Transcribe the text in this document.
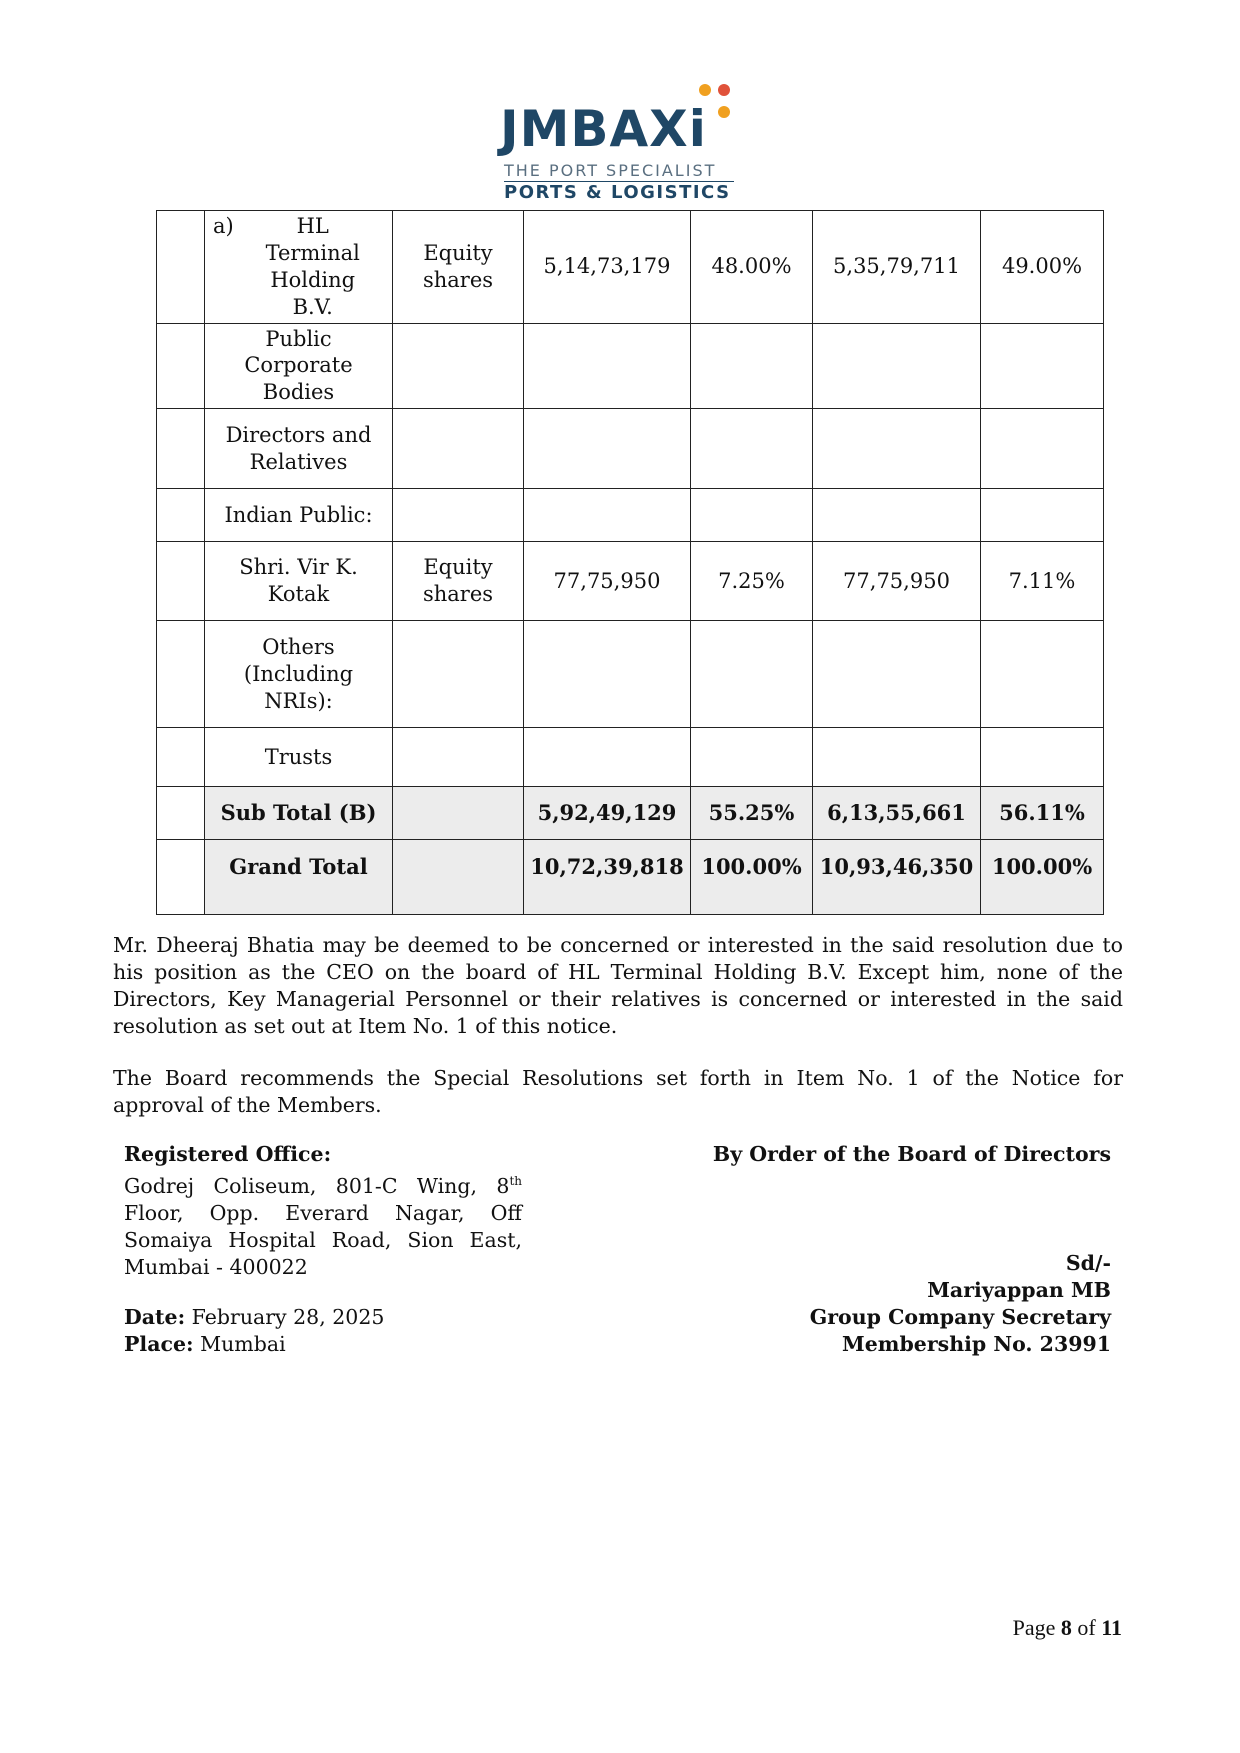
JMBAXi
THE PORT SPECIALIST
PORTS & LOGISTICS
	a) HL Terminal Holding B.V.	Equity shares	5,14,73,179	48.00%	5,35,79,711	49.00%
	Public Corporate Bodies					
	Directors and Relatives					
	Indian Public:					
	Shri. Vir K. Kotak	Equity shares	77,75,950	7.25%	77,75,950	7.11%
	Others (Including NRIs):					
	Trusts					
	Sub Total (B)		5,92,49,129	55.25%	6,13,55,661	56.11%
	Grand Total		10,72,39,818	100.00%	10,93,46,350	100.00%

Mr. Dheeraj Bhatia may be deemed to be concerned or interested in the said resolution due to his position as the CEO on the board of HL Terminal Holding B.V. Except him, none of the Directors, Key Managerial Personnel or their relatives is concerned or interested in the said resolution as set out at Item No. 1 of this notice.

The Board recommends the Special Resolutions set forth in Item No. 1 of the Notice for approval of the Members.

Registered Office:
Godrej Coliseum, 801-C Wing, 8th Floor, Opp. Everard Nagar, Off Somaiya Hospital Road, Sion East, Mumbai - 400022
Date: February 28, 2025
Place: Mumbai
By Order of the Board of Directors
Sd/-
Mariyappan MB
Group Company Secretary
Membership No. 23991
Page 8 of 11
